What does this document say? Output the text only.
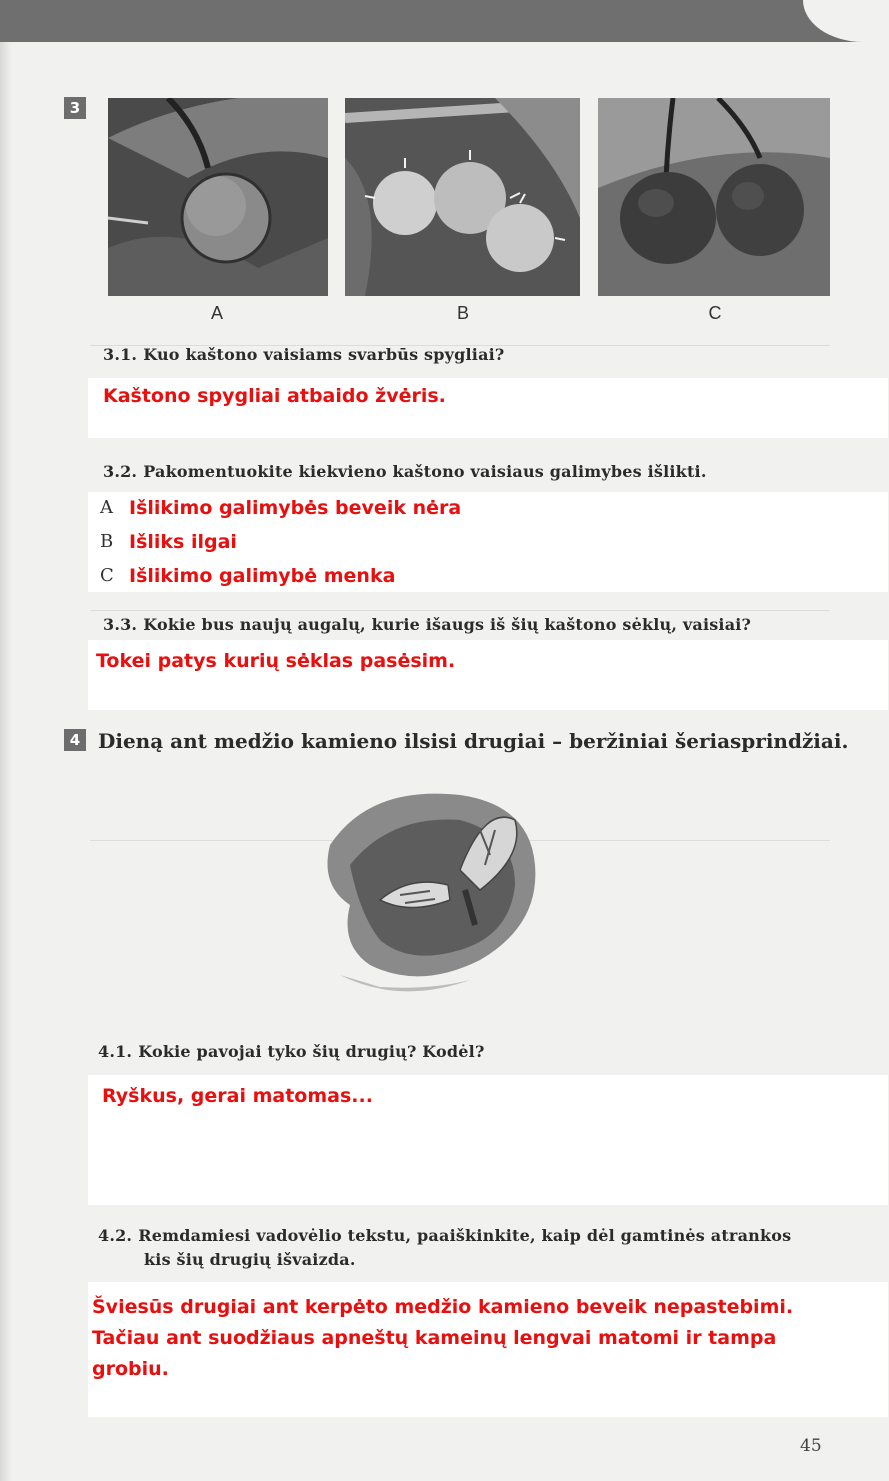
3
A	B	C
3.1. Kuo kaštono vaisiams svarbūs spygliai?
Kaštono spygliai atbaido žvėris.
3.2. Pakomentuokite kiekvieno kaštono vaisiaus galimybes išlikti.
A Išlikimo galimybės beveik nėra
B Išliks ilgai
C Išlikimo galimybė menka
3.3. Kokie bus naujų augalų, kurie išaugs iš šių kaštono sėklų, vaisiai?
Tokei patys kurių sėklas pasėsim.
4 Dieną ant medžio kamieno ilsisi drugiai – beržiniai šeriasprindžiai.
4.1. Kokie pavojai tyko šių drugių? Kodėl?
Ryškus, gerai matomas...
4.2. Remdamiesi vadovėlio tekstu, paaiškinkite, kaip dėl gamtinės atrankos
kis šių drugių išvaizda.
Šviesūs drugiai ant kerpėto medžio kamieno beveik nepastebimi.
Tačiau ant suodžiaus apneštų kameinų lengvai matomi ir tampa
grobiu.
45
